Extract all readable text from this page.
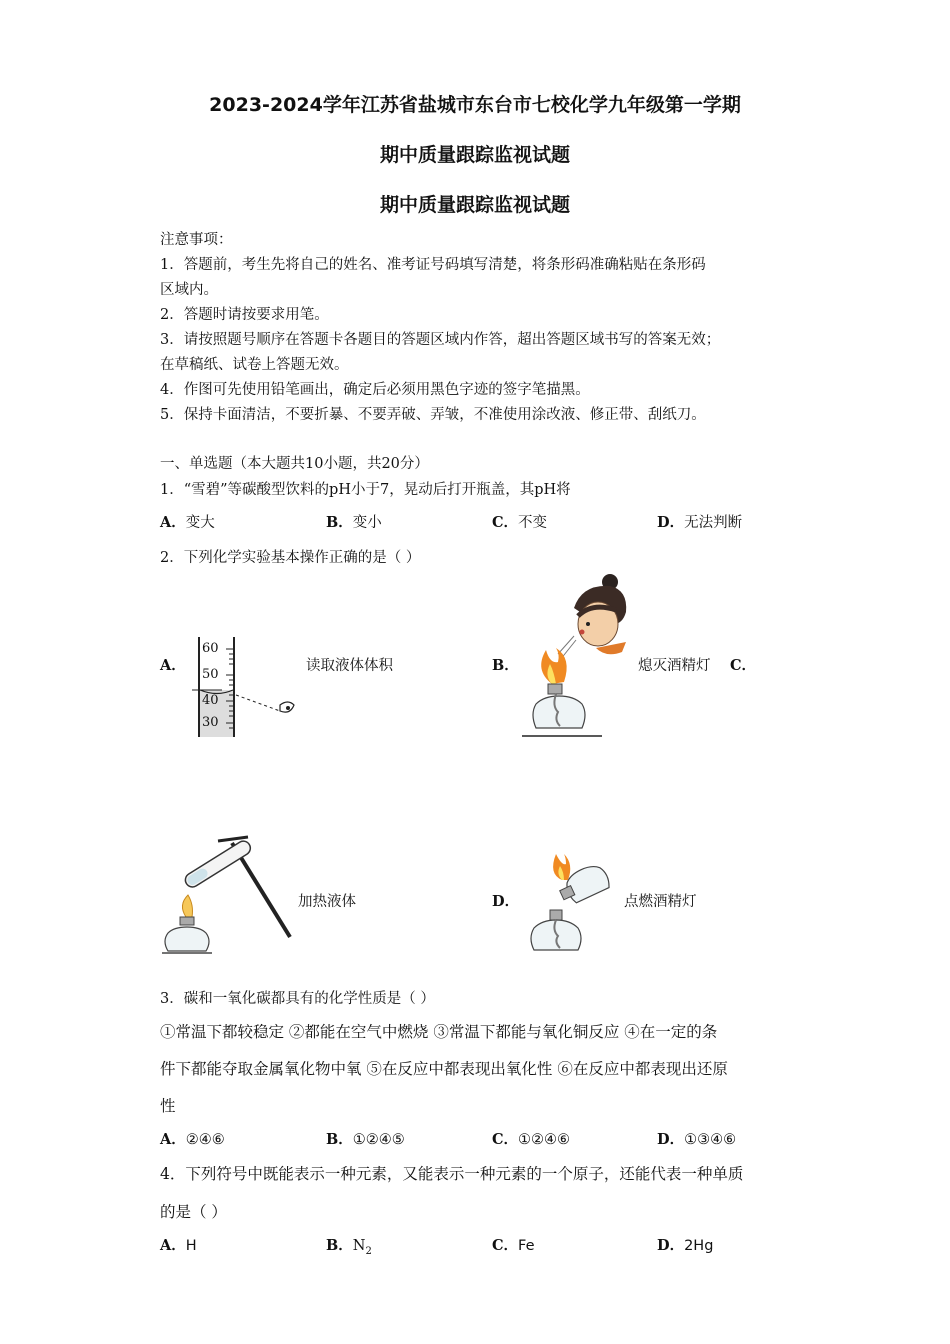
2023-2024学年江苏省盐城市东台市七校化学九年级第一学期
期中质量跟踪监视试题
期中质量跟踪监视试题
注意事项：
1．答题前，考生先将自己的姓名、准考证号码填写清楚，将条形码准确粘贴在条形码
区域内。
2．答题时请按要求用笔。
3．请按照题号顺序在答题卡各题目的答题区域内作答，超出答题区域书写的答案无效；
在草稿纸、试卷上答题无效。
4．作图可先使用铅笔画出，确定后必须用黑色字迹的签字笔描黑。
5．保持卡面清洁，不要折暴、不要弄破、弄皱，不准使用涂改液、修正带、刮纸刀。
一、单选题（本大题共10小题，共20分）
1．“雪碧”等碳酸型饮料的pH小于7，晃动后打开瓶盖，其pH将
A．变大	B．变小	C．不变	D．无法判断
2．下列化学实验基本操作正确的是（ ）
A．
60
50
40
30
读取液体体积	B．	熄灭酒精灯 C．
加热液体	D．	点燃酒精灯
3．碳和一氧化碳都具有的化学性质是（ ）
①常温下都较稳定 ②都能在空气中燃烧 ③常温下都能与氧化铜反应 ④在一定的条
件下都能夺取金属氧化物中氧 ⑤在反应中都表现出氧化性 ⑥在反应中都表现出还原
性
A．②④⑥	B．①②④⑤	C．①②④⑥	D．①③④⑥
4．下列符号中既能表示一种元素，又能表示一种元素的一个原子，还能代表一种单质
的是（ ）
A．H	B．$N_2$	C．Fe	D．2Hg
